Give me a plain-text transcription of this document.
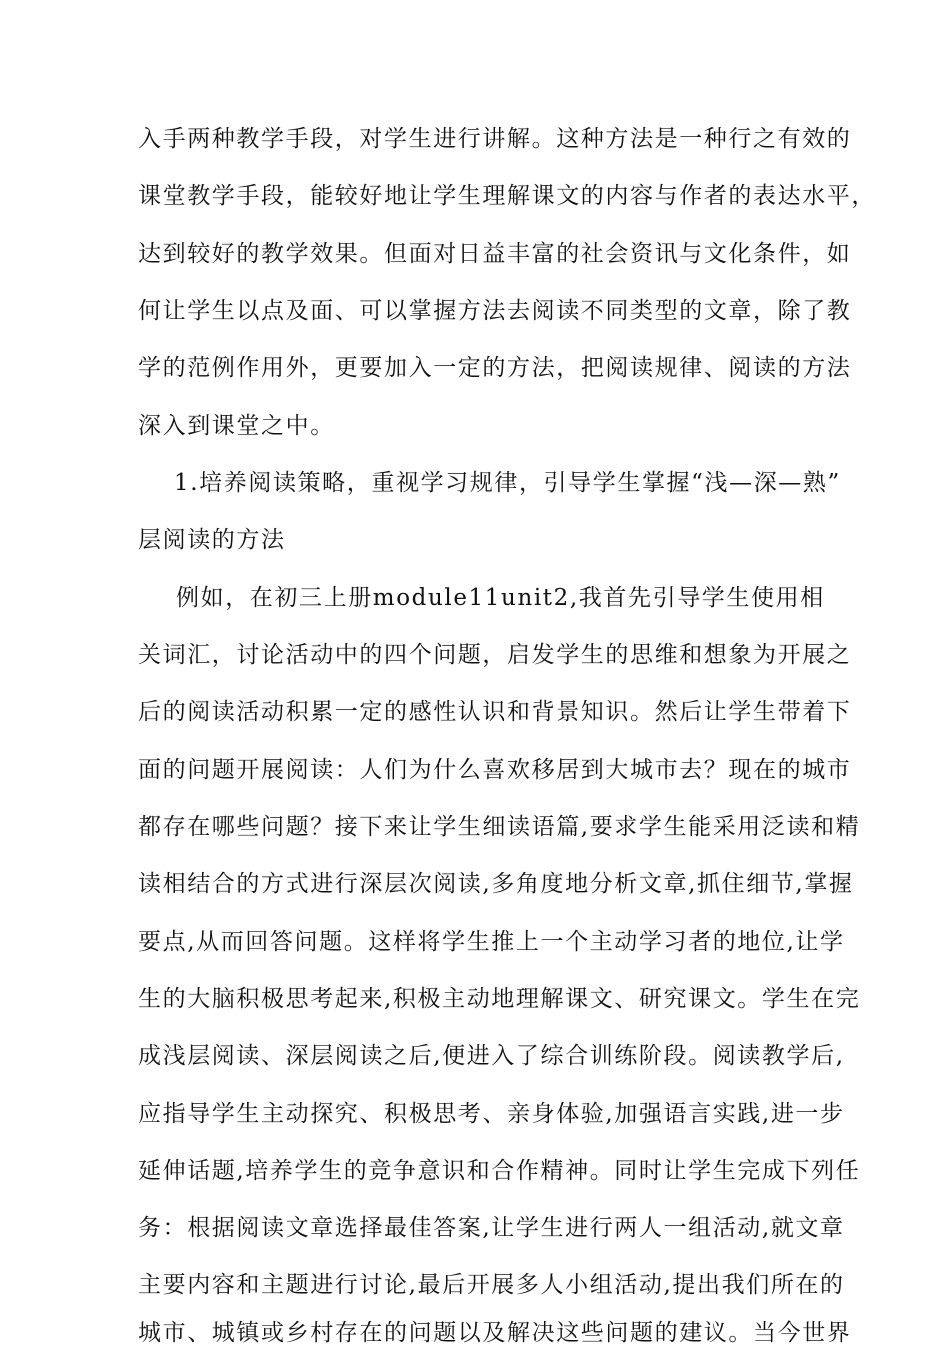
入手两种教学手段，对学生进行讲解。这种方法是一种行之有效的
课堂教学手段，能较好地让学生理解课文的内容与作者的表达水平，
达到较好的教学效果。但面对日益丰富的社会资讯与文化条件，如
何让学生以点及面、可以掌握方法去阅读不同类型的文章，除了教
学的范例作用外，更要加入一定的方法，把阅读规律、阅读的方法
深入到课堂之中。
1.培养阅读策略，重视学习规律，引导学生掌握“浅—深—熟”
层阅读的方法
例如，在初三上册module11unit2,我首先引导学生使用相
关词汇，讨论活动中的四个问题，启发学生的思维和想象为开展之
后的阅读活动积累一定的感性认识和背景知识。然后让学生带着下
面的问题开展阅读：人们为什么喜欢移居到大城市去？现在的城市
都存在哪些问题？接下来让学生细读语篇,要求学生能采用泛读和精
读相结合的方式进行深层次阅读,多角度地分析文章,抓住细节,掌握
要点,从而回答问题。这样将学生推上一个主动学习者的地位,让学
生的大脑积极思考起来,积极主动地理解课文、研究课文。学生在完
成浅层阅读、深层阅读之后,便进入了综合训练阶段。阅读教学后,
应指导学生主动探究、积极思考、亲身体验,加强语言实践,进一步
延伸话题,培养学生的竞争意识和合作精神。同时让学生完成下列任
务：根据阅读文章选择最佳答案,让学生进行两人一组活动,就文章
主要内容和主题进行讨论,最后开展多人小组活动,提出我们所在的
城市、城镇或乡村存在的问题以及解决这些问题的建议。当今世界
